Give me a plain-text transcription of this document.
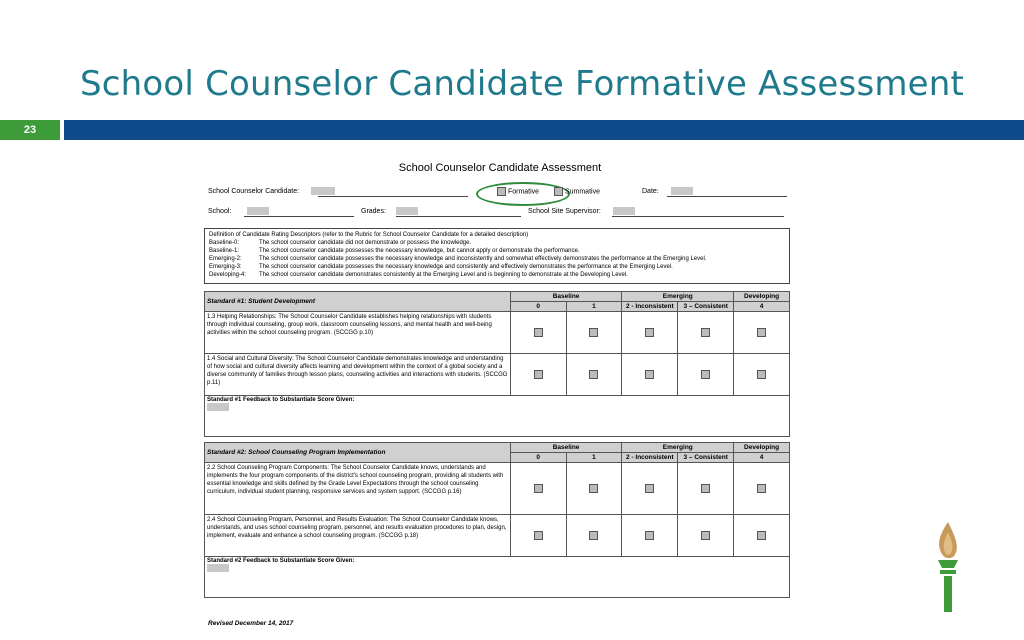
School Counselor Candidate Formative Assessment
23
School Counselor Candidate Assessment
School Counselor Candidate:	Formative	Summative	Date:
School:	Grades:	School Site Supervisor:
Definition of Candidate Rating Descriptors (refer to the Rubric for School Counselor Candidate for a detailed description)
Baseline-0:	The school counselor candidate did not demonstrate or possess the knowledge.
Baseline-1:	The school counselor candidate possesses the necessary knowledge, but cannot apply or demonstrate the performance.
Emerging-2:	The school counselor candidate possesses the necessary knowledge and inconsistently and somewhat effectively demonstrates the performance at the Emerging Level.
Emerging-3:	The school counselor candidate possesses the necessary knowledge and consistently and effectively demonstrates the performance at the Emerging Level.
Developing-4: The school counselor candidate demonstrates consistently at the Emerging Level and is beginning to demonstrate at the Developing Level.
Standard #1: Student Development	Baseline		Emerging		Developing
	0	1	2 - Inconsistent	3 – Consistent	4
1.3 Helping Relationships: The School Counselor Candidate establishes helping relationships with students through individual counseling, group work, classroom counseling lessons, and mental health and well-being activities within the school counseling program. (SCCGG p.10)					
1.4 Social and Cultural Diversity: The School Counselor Candidate demonstrates knowledge and understanding of how social and cultural diversity affects learning and development within the context of a global society and a diverse community of families through lesson plans, counseling activities and interactions with students. (SCCGG p.11)					

Standard #1 Feedback to Substantiate Score Given:					
Standard #2: School Counseling Program Implementation	Baseline		Emerging		Developing
	0	1	2 - Inconsistent	3 – Consistent	4
2.2 School Counseling Program Components: The School Counselor Candidate knows, understands and implements the four program components of the district's school counseling program, providing all students with essential knowledge and skills defined by the Grade Level Expectations through the school counseling curriculum, individual student planning, responsive services and system support. (SCCGG p.16)					
2.4 School Counseling Program, Personnel, and Results Evaluation: The School Counselor Candidate knows, understands, and uses school counseling program, personnel, and results evaluation procedures to plan, design, implement, evaluate and enhance a school counseling program. (SCCGG p.18)					

Standard #2 Feedback to Substantiate Score Given:					
Revised December 14, 2017
